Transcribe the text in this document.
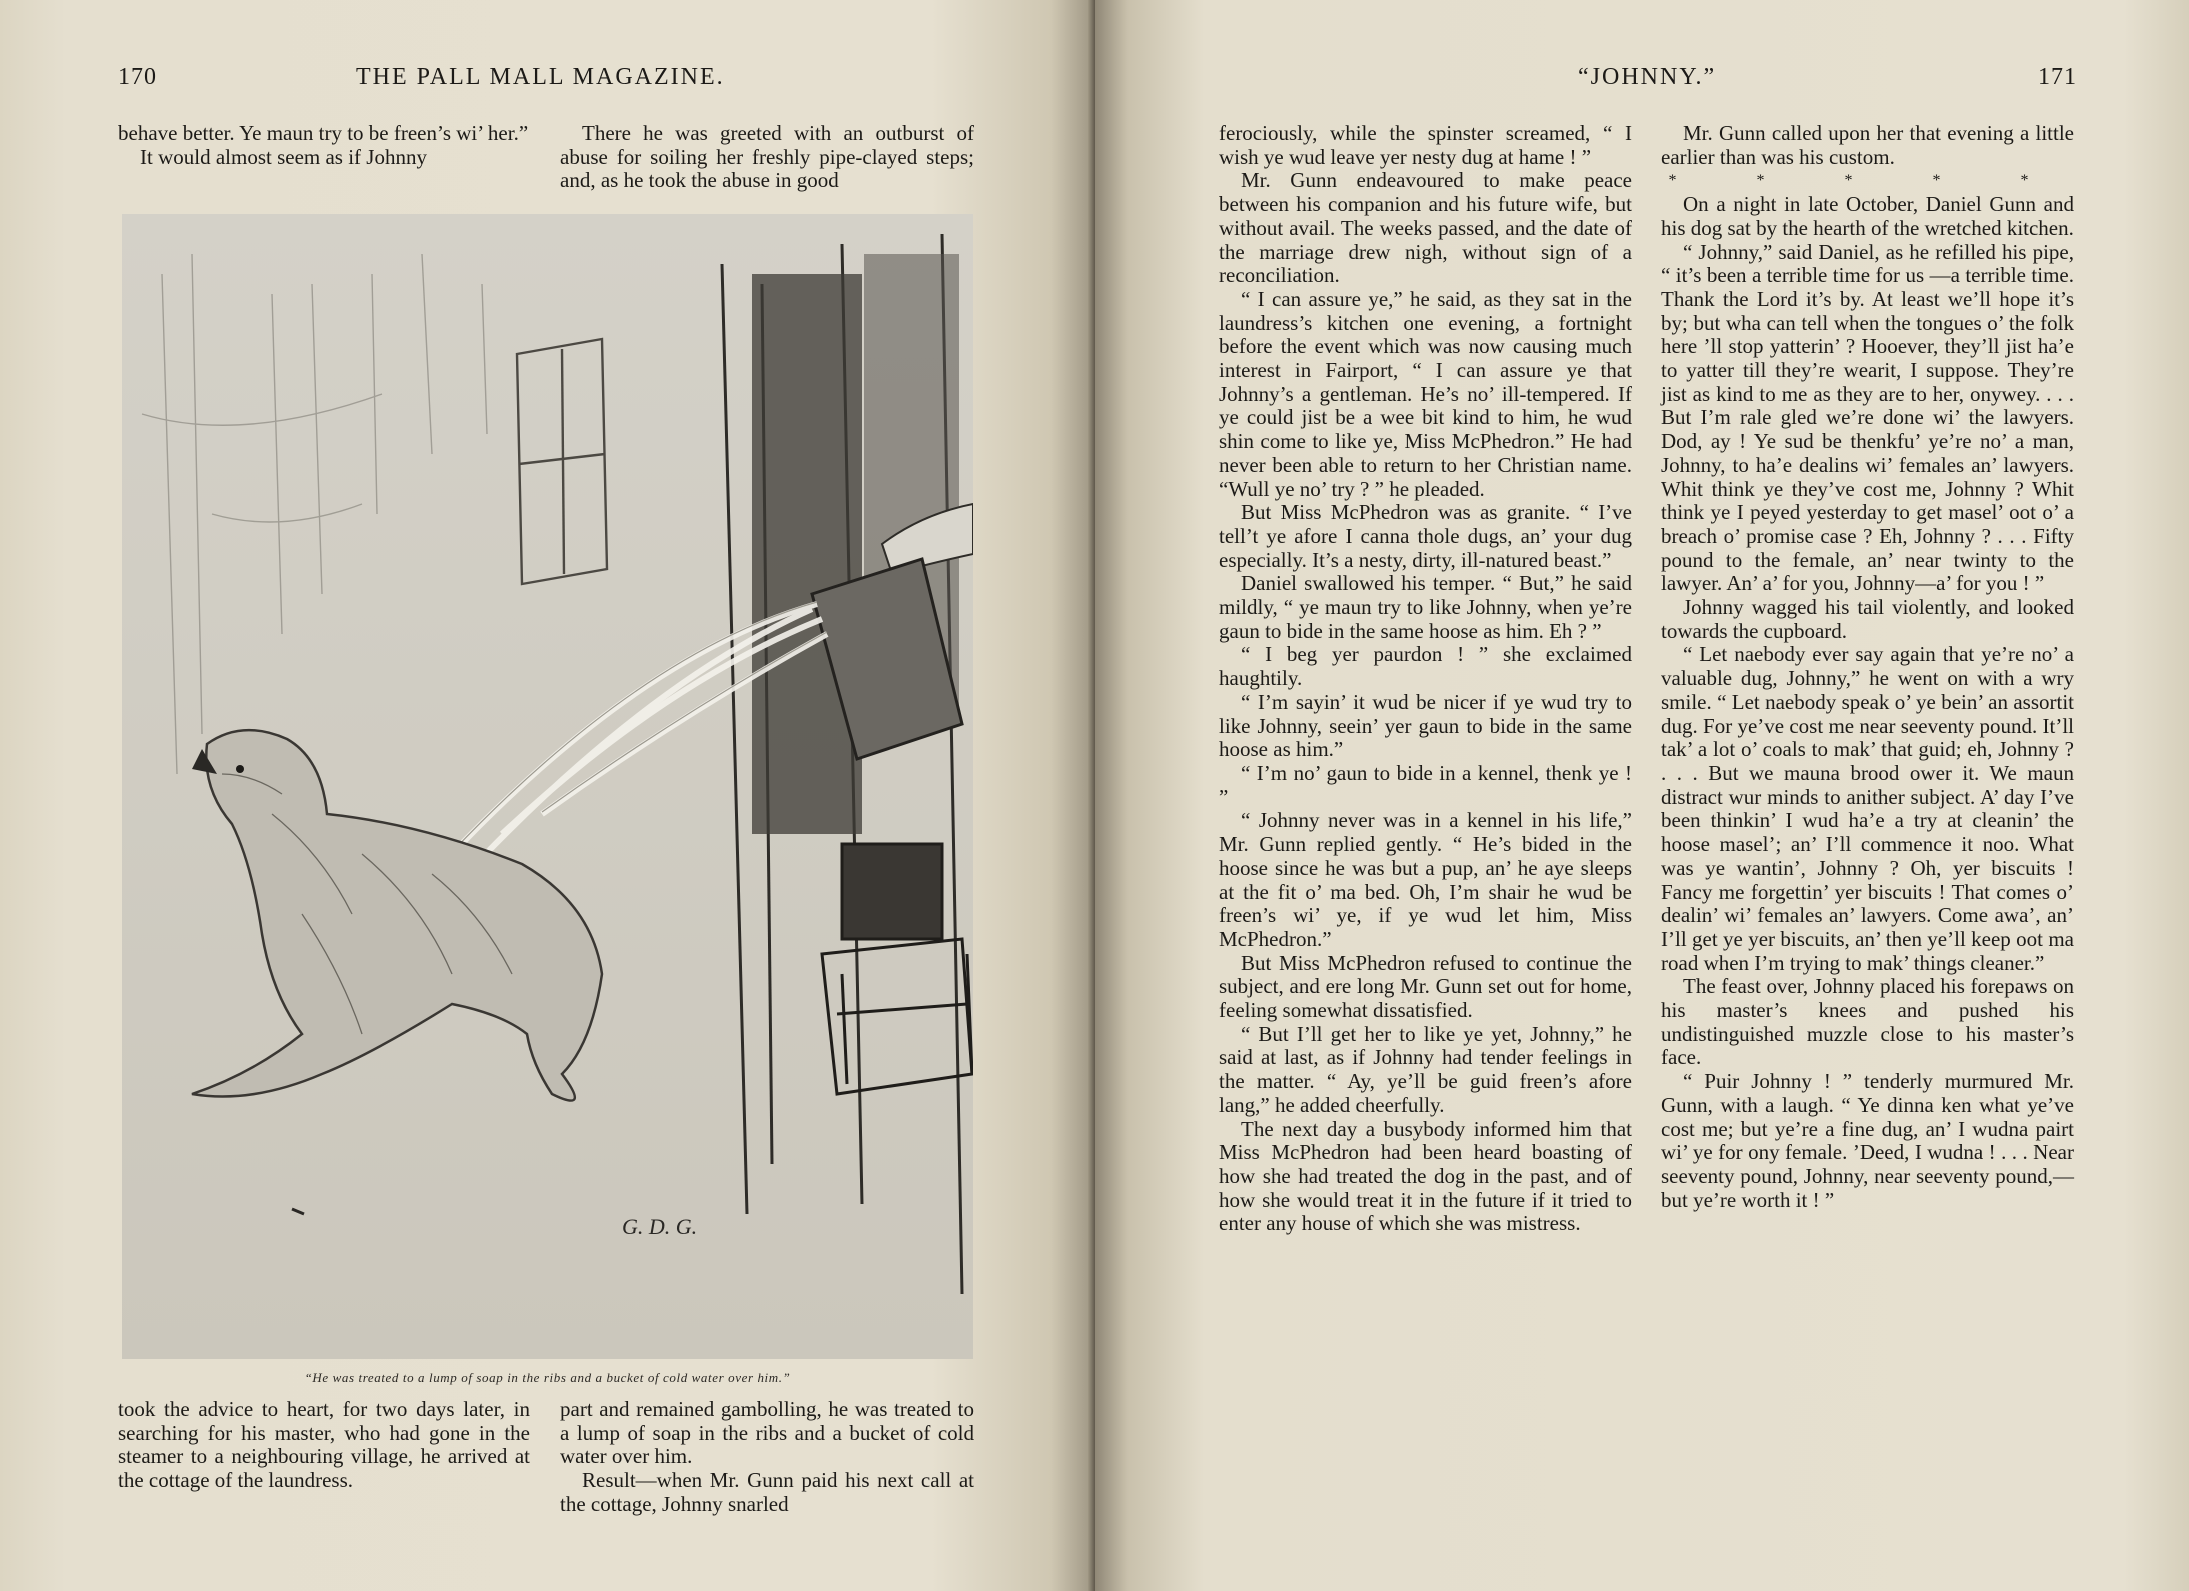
170	THE PALL MALL MAGAZINE.

behave better. Ye maun try to be freen’s wi’ her.”

It would almost seem as if Johnny

There he was greeted with an outburst of abuse for soiling her freshly pipe-clayed steps; and, as he took the abuse in good

G. D. G.
“He was treated to a lump of soap in the ribs and a bucket of cold water over him.”

took the advice to heart, for two days later, in searching for his master, who had gone in the steamer to a neighbouring village, he arrived at the cottage of the laundress.

part and remained gambolling, he was treated to a lump of soap in the ribs and a bucket of cold water over him.

Result—when Mr. Gunn paid his next call at the cottage, Johnny snarled

“JOHNNY.”	171

ferociously, while the spinster screamed, “ I wish ye wud leave yer nesty dug at hame ! ”

Mr. Gunn endeavoured to make peace between his companion and his future wife, but without avail. The weeks passed, and the date of the marriage drew nigh, without sign of a reconciliation.

“ I can assure ye,” he said, as they sat in the laundress’s kitchen one evening, a fortnight before the event which was now causing much interest in Fairport, “ I can assure ye that Johnny’s a gentleman. He’s no’ ill-tempered. If ye could jist be a wee bit kind to him, he wud shin come to like ye, Miss McPhedron.” He had never been able to return to her Christian name. “Wull ye no’ try ? ” he pleaded.

But Miss McPhedron was as granite. “ I’ve tell’t ye afore I canna thole dugs, an’ your dug especially. It’s a nesty, dirty, ill-natured beast.”

Daniel swallowed his temper. “ But,” he said mildly, “ ye maun try to like Johnny, when ye’re gaun to bide in the same hoose as him. Eh ? ”

“ I beg yer paurdon ! ” she exclaimed haughtily.

“ I’m sayin’ it wud be nicer if ye wud try to like Johnny, seein’ yer gaun to bide in the same hoose as him.”

“ I’m no’ gaun to bide in a kennel, thenk ye ! ”

“ Johnny never was in a kennel in his life,” Mr. Gunn replied gently. “ He’s bided in the hoose since he was but a pup, an’ he aye sleeps at the fit o’ ma bed. Oh, I’m shair he wud be freen’s wi’ ye, if ye wud let him, Miss McPhedron.”

But Miss McPhedron refused to continue the subject, and ere long Mr. Gunn set out for home, feeling somewhat dissatisfied.

“ But I’ll get her to like ye yet, Johnny,” he said at last, as if Johnny had tender feelings in the matter. “ Ay, ye’ll be guid freen’s afore lang,” he added cheerfully.

The next day a busybody informed him that Miss McPhedron had been heard boasting of how she had treated the dog in the past, and of how she would treat it in the future if it tried to enter any house of which she was mistress.

Mr. Gunn called upon her that evening a little earlier than was his custom.

* * * * *

On a night in late October, Daniel Gunn and his dog sat by the hearth of the wretched kitchen.

“ Johnny,” said Daniel, as he refilled his pipe, “ it’s been a terrible time for us —a terrible time. Thank the Lord it’s by. At least we’ll hope it’s by; but wha can tell when the tongues o’ the folk here ’ll stop yatterin’ ? Hooever, they’ll jist ha’e to yatter till they’re wearit, I suppose. They’re jist as kind to me as they are to her, onywey. . . . But I’m rale gled we’re done wi’ the lawyers. Dod, ay ! Ye sud be thenkfu’ ye’re no’ a man, Johnny, to ha’e dealins wi’ females an’ lawyers. Whit think ye they’ve cost me, Johnny ? Whit think ye I peyed yesterday to get masel’ oot o’ a breach o’ promise case ? Eh, Johnny ? . . . Fifty pound to the female, an’ near twinty to the lawyer. An’ a’ for you, Johnny—a’ for you ! ”

Johnny wagged his tail violently, and looked towards the cupboard.

“ Let naebody ever say again that ye’re no’ a valuable dug, Johnny,” he went on with a wry smile. “ Let naebody speak o’ ye bein’ an assortit dug. For ye’ve cost me near seeventy pound. It’ll tak’ a lot o’ coals to mak’ that guid; eh, Johnny ? . . . But we mauna brood ower it. We maun distract wur minds to anither subject. A’ day I’ve been thinkin’ I wud ha’e a try at cleanin’ the hoose masel’; an’ I’ll commence it noo. What was ye wantin’, Johnny ? Oh, yer biscuits ! Fancy me forgettin’ yer biscuits ! That comes o’ dealin’ wi’ females an’ lawyers. Come awa’, an’ I’ll get ye yer biscuits, an’ then ye’ll keep oot ma road when I’m trying to mak’ things cleaner.”

The feast over, Johnny placed his forepaws on his master’s knees and pushed his undistinguished muzzle close to his master’s face.

“ Puir Johnny ! ” tenderly murmured Mr. Gunn, with a laugh. “ Ye dinna ken what ye’ve cost me; but ye’re a fine dug, an’ I wudna pairt wi’ ye for ony female. ’Deed, I wudna ! . . . Near seeventy pound, Johnny, near seeventy pound,— but ye’re worth it ! ”
